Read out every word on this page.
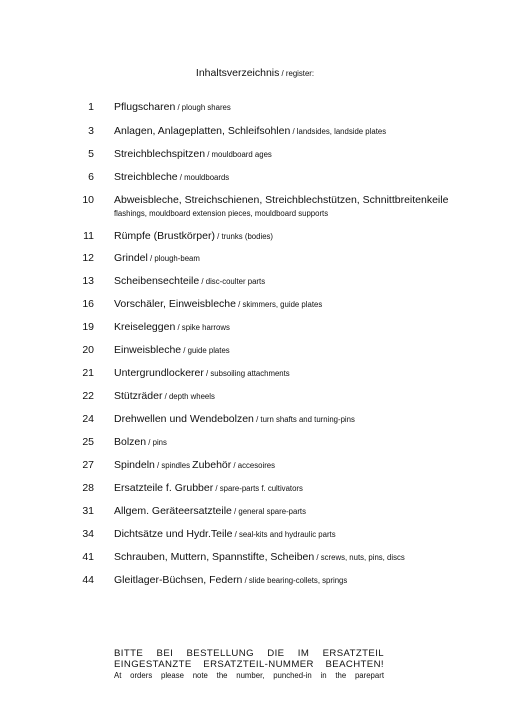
Inhaltsverzeichnis / register:
1 Pflugscharen / plough shares
3 Anlagen, Anlageplatten, Schleifsohlen / landsides, landside plates
5 Streichblechspitzen / mouldboard ages
6 Streichbleche / mouldboards
10 Abweisbleche, Streichschienen, Streichblechstützen, Schnittbreitenkeile
flashings, mouldboard extension pieces, mouldboard supports
11 Rümpfe (Brustkörper) / trunks (bodies)
12 Grindel / plough-beam
13 Scheibensechteile / disc-coulter parts
16 Vorschäler, Einweisbleche / skimmers, guide plates
19 Kreiseleggen / spike harrows
20 Einweisbleche / guide plates
21 Untergrundlockerer / subsoiling attachments
22 Stützräder / depth wheels
24 Drehwellen und Wendebolzen / turn shafts and turning-pins
25 Bolzen / pins
27 Spindeln / spindles Zubehör / accesoires
28 Ersatzteile f. Grubber / spare-parts f. cultivators
31 Allgem. Geräteersatzteile / general spare-parts
34 Dichtsätze und Hydr.Teile / seal-kits and hydraulic parts
41 Schrauben, Muttern, Spannstifte, Scheiben / screws, nuts, pins, discs
44 Gleitlager-Büchsen, Federn / slide bearing-collets, springs
BITTE BEI BESTELLUNG DIE IM ERSATZTEIL
EINGESTANZTE ERSATZTEIL-NUMMER BEACHTEN!
At orders please note the number, punched-in in the parepart
